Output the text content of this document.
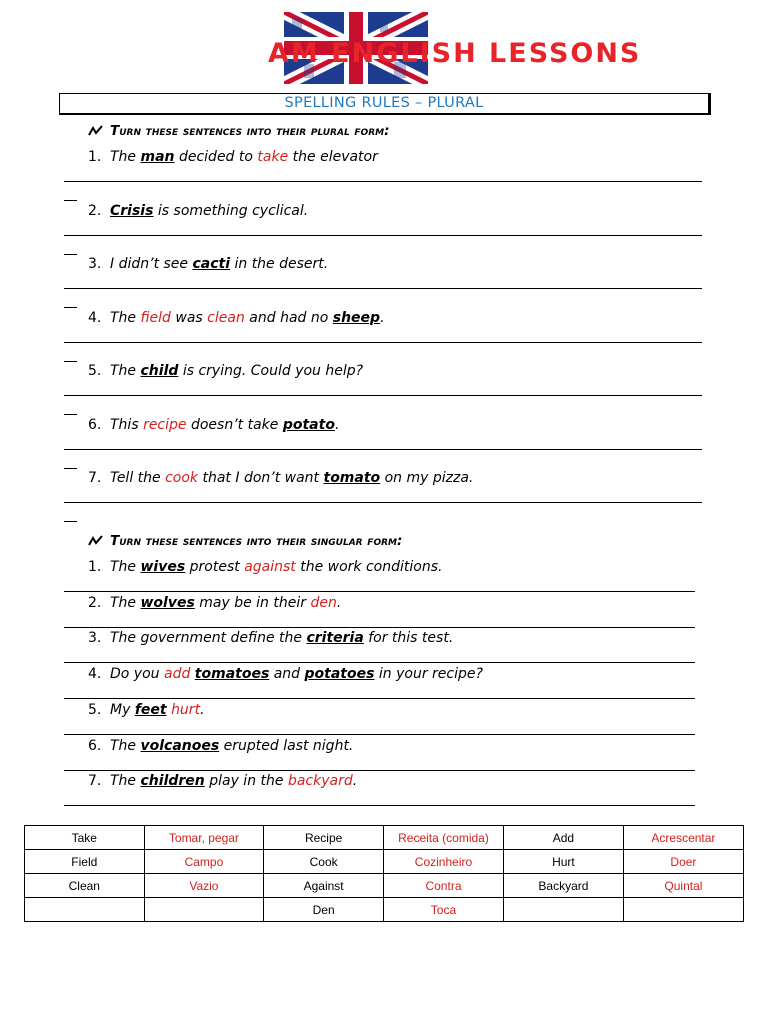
AM ENGLISH LESSONS
SPELLING RULES – PLURAL
Turn these sentences into their plural form:
1. The man decided to take the elevator
2. Crisis is something cyclical.
3. I didn’t see cacti in the desert.
4. The field was clean and had no sheep.
5. The child is crying. Could you help?
6. This recipe doesn’t take potato.
7. Tell the cook that I don’t want tomato on my pizza.
Turn these sentences into their singular form:
1. The wives protest against the work conditions.
2. The wolves may be in their den.
3. The government define the criteria for this test.
4. Do you add tomatoes and potatoes in your recipe?
5. My feet hurt.
6. The volcanoes erupted last night.
7. The children play in the backyard.
Take	Tomar, pegar	Recipe	Receita (comida)	Add	Acrescentar
Field	Campo	Cook	Cozinheiro	Hurt	Doer
Clean	Vazio	Against	Contra	Backyard	Quintal
		Den	Toca		
